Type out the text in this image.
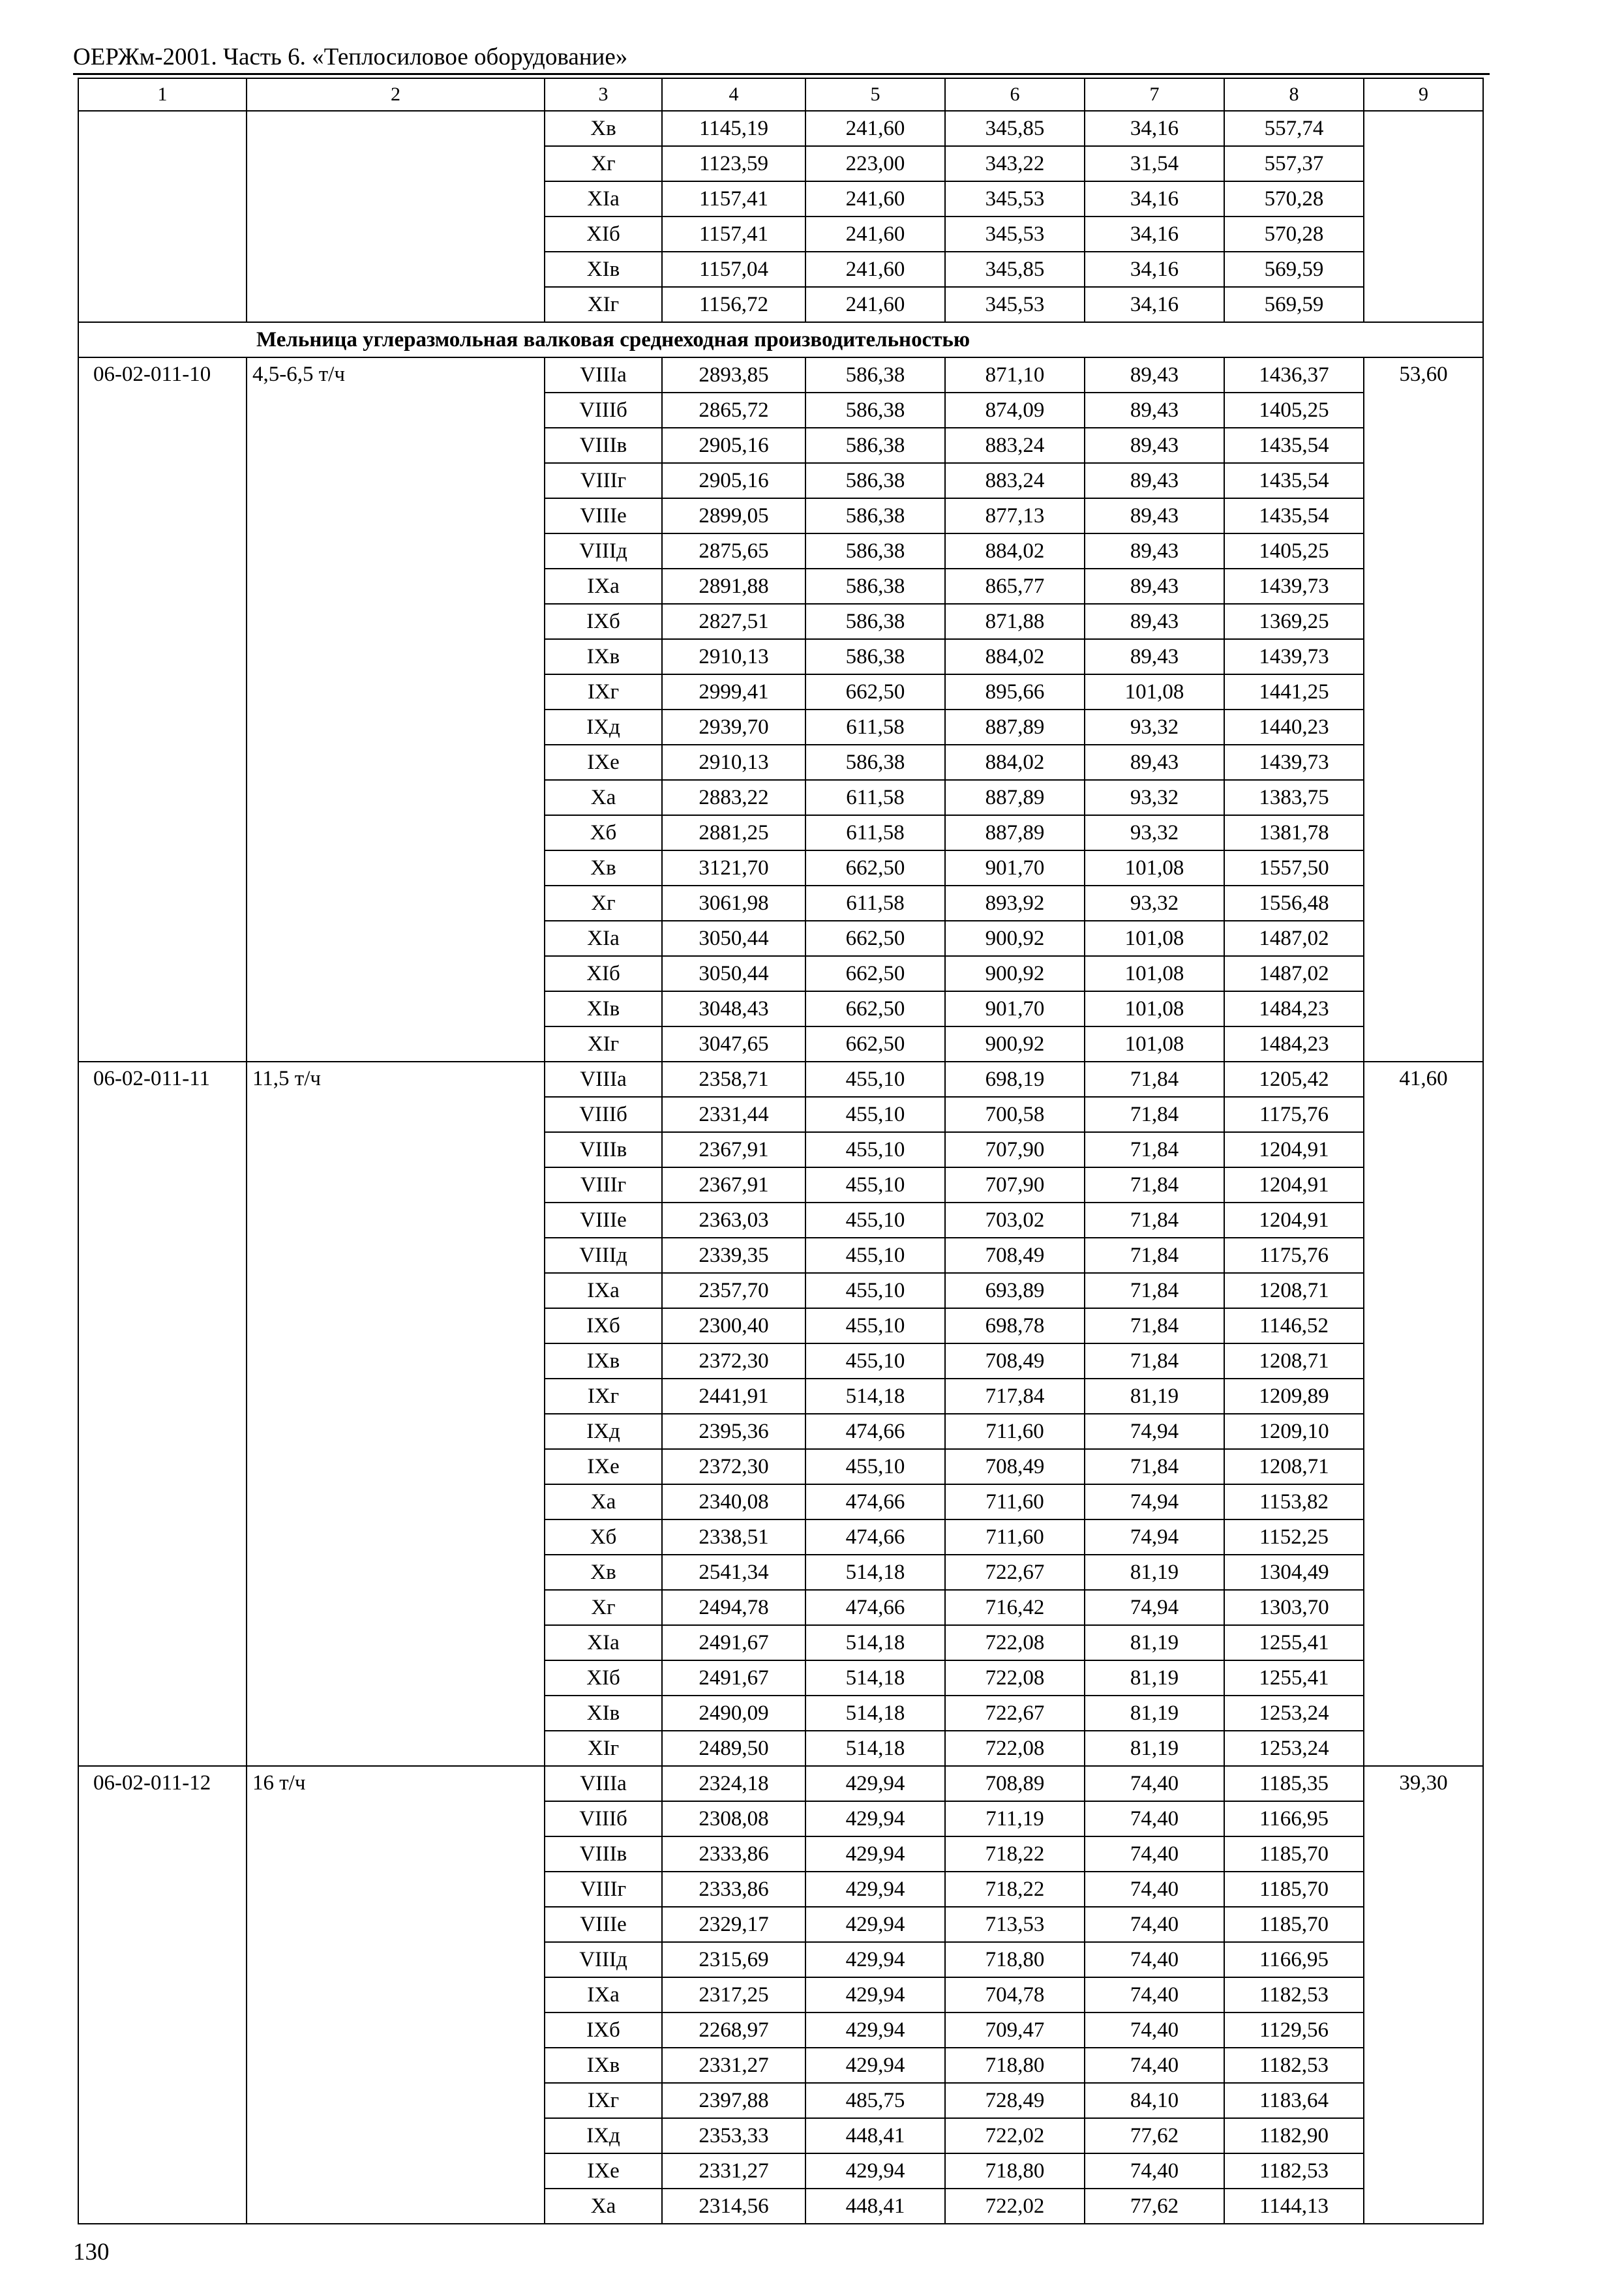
ОЕРЖм-2001. Часть 6. «Теплосиловое оборудование»
1	2	3	4	5	6	7	8	9
		Xв	1145,19	241,60	345,85	34,16	557,74	
		Xг	1123,59	223,00	343,22	31,54	557,37	
		XIа	1157,41	241,60	345,53	34,16	570,28	
		XIб	1157,41	241,60	345,53	34,16	570,28	
		XIв	1157,04	241,60	345,85	34,16	569,59	
		XIг	1156,72	241,60	345,53	34,16	569,59	
Мельница углеразмольная валковая среднеходная производительностью								
06-02-011-10	4,5-6,5 т/ч	VIIIа	2893,85	586,38	871,10	89,43	1436,37	53,60
		VIIIб	2865,72	586,38	874,09	89,43	1405,25	
		VIIIв	2905,16	586,38	883,24	89,43	1435,54	
		VIIIг	2905,16	586,38	883,24	89,43	1435,54	
		VIIIе	2899,05	586,38	877,13	89,43	1435,54	
		VIIIд	2875,65	586,38	884,02	89,43	1405,25	
		IXа	2891,88	586,38	865,77	89,43	1439,73	
		IXб	2827,51	586,38	871,88	89,43	1369,25	
		IXв	2910,13	586,38	884,02	89,43	1439,73	
		IXг	2999,41	662,50	895,66	101,08	1441,25	
		IXд	2939,70	611,58	887,89	93,32	1440,23	
		IXе	2910,13	586,38	884,02	89,43	1439,73	
		Xа	2883,22	611,58	887,89	93,32	1383,75	
		Xб	2881,25	611,58	887,89	93,32	1381,78	
		Xв	3121,70	662,50	901,70	101,08	1557,50	
		Xг	3061,98	611,58	893,92	93,32	1556,48	
		XIа	3050,44	662,50	900,92	101,08	1487,02	
		XIб	3050,44	662,50	900,92	101,08	1487,02	
		XIв	3048,43	662,50	901,70	101,08	1484,23	
		XIг	3047,65	662,50	900,92	101,08	1484,23	
06-02-011-11	11,5 т/ч	VIIIа	2358,71	455,10	698,19	71,84	1205,42	41,60
		VIIIб	2331,44	455,10	700,58	71,84	1175,76	
		VIIIв	2367,91	455,10	707,90	71,84	1204,91	
		VIIIг	2367,91	455,10	707,90	71,84	1204,91	
		VIIIе	2363,03	455,10	703,02	71,84	1204,91	
		VIIIд	2339,35	455,10	708,49	71,84	1175,76	
		IXа	2357,70	455,10	693,89	71,84	1208,71	
		IXб	2300,40	455,10	698,78	71,84	1146,52	
		IXв	2372,30	455,10	708,49	71,84	1208,71	
		IXг	2441,91	514,18	717,84	81,19	1209,89	
		IXд	2395,36	474,66	711,60	74,94	1209,10	
		IXе	2372,30	455,10	708,49	71,84	1208,71	
		Xа	2340,08	474,66	711,60	74,94	1153,82	
		Xб	2338,51	474,66	711,60	74,94	1152,25	
		Xв	2541,34	514,18	722,67	81,19	1304,49	
		Xг	2494,78	474,66	716,42	74,94	1303,70	
		XIа	2491,67	514,18	722,08	81,19	1255,41	
		XIб	2491,67	514,18	722,08	81,19	1255,41	
		XIв	2490,09	514,18	722,67	81,19	1253,24	
		XIг	2489,50	514,18	722,08	81,19	1253,24	
06-02-011-12	16 т/ч	VIIIа	2324,18	429,94	708,89	74,40	1185,35	39,30
		VIIIб	2308,08	429,94	711,19	74,40	1166,95	
		VIIIв	2333,86	429,94	718,22	74,40	1185,70	
		VIIIг	2333,86	429,94	718,22	74,40	1185,70	
		VIIIе	2329,17	429,94	713,53	74,40	1185,70	
		VIIIд	2315,69	429,94	718,80	74,40	1166,95	
		IXа	2317,25	429,94	704,78	74,40	1182,53	
		IXб	2268,97	429,94	709,47	74,40	1129,56	
		IXв	2331,27	429,94	718,80	74,40	1182,53	
		IXг	2397,88	485,75	728,49	84,10	1183,64	
		IXд	2353,33	448,41	722,02	77,62	1182,90	
		IXе	2331,27	429,94	718,80	74,40	1182,53	
		Xа	2314,56	448,41	722,02	77,62	1144,13	
130
